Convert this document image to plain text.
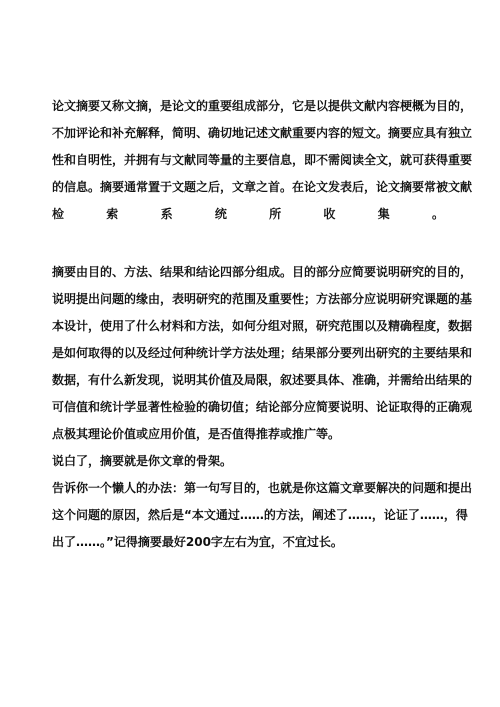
论文摘要又称文摘，是论文的重要组成部分，它是以提供文献内容梗概为目的，
不加评论和补充解释，简明、确切地记述文献重要内容的短文。摘要应具有独立
性和自明性，并拥有与文献同等量的主要信息，即不需阅读全文，就可获得重要
的信息。摘要通常置于文题之后，文章之首。在论文发表后，论文摘要常被文献
检	索	系	统	所	收	集	。
摘要由目的、方法、结果和结论四部分组成。目的部分应简要说明研究的目的，
说明提出问题的缘由，表明研究的范围及重要性；方法部分应说明研究课题的基
本设计，使用了什么材料和方法，如何分组对照，研究范围以及精确程度，数据
是如何取得的以及经过何种统计学方法处理；结果部分要列出研究的主要结果和
数据，有什么新发现，说明其价值及局限，叙述要具体、准确，并需给出结果的
可信值和统计学显著性检验的确切值；结论部分应简要说明、论证取得的正确观
点极其理论价值或应用价值，是否值得推荐或推广等。
说白了，摘要就是你文章的骨架。
告诉你一个懒人的办法：第一句写目的，也就是你这篇文章要解决的问题和提出
这个问题的原因，然后是“本文通过……的方法，阐述了……，论证了……，得
出了……。”记得摘要最好200字左右为宜，不宜过长。
